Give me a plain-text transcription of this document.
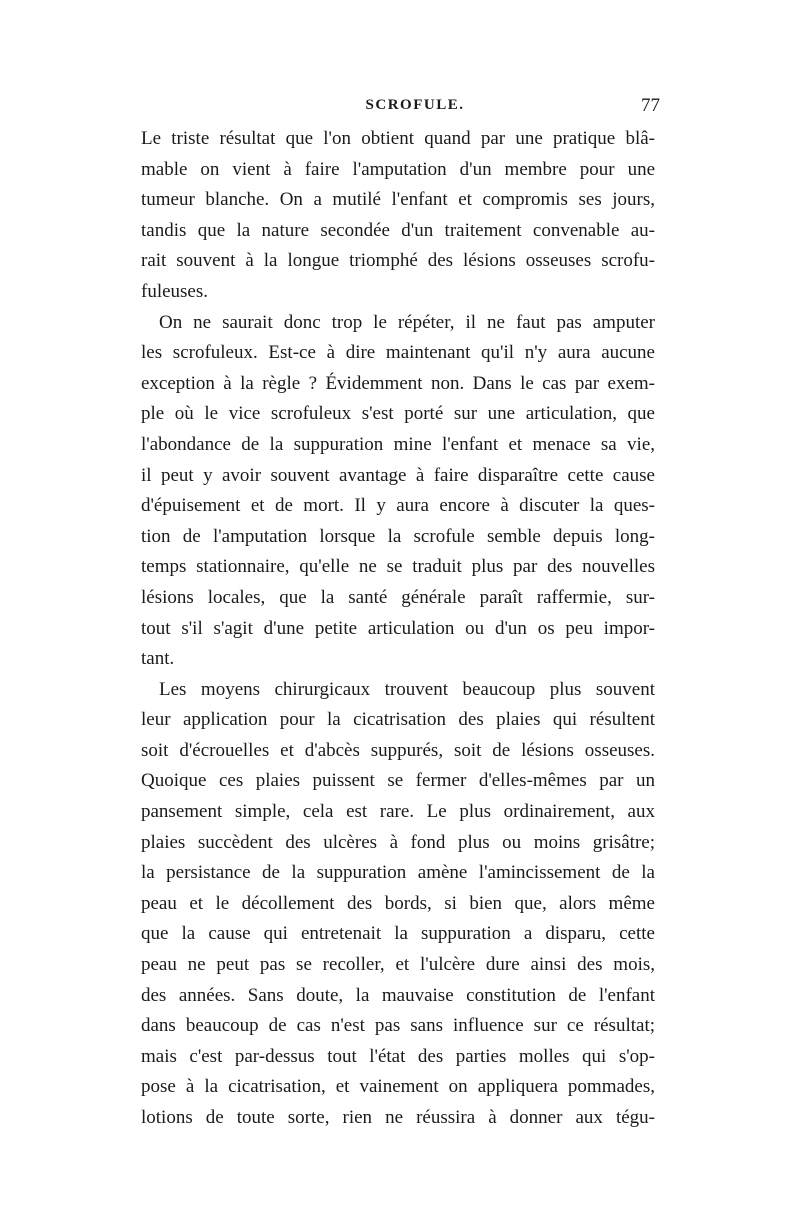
SCROFULE.	77
Le triste résultat que l'on obtient quand par une pratique blâ-
mable on vient à faire l'amputation d'un membre pour une
tumeur blanche. On a mutilé l'enfant et compromis ses jours,
tandis que la nature secondée d'un traitement convenable au-
rait souvent à la longue triomphé des lésions osseuses scrofu-
fuleuses.
On ne saurait donc trop le répéter, il ne faut pas amputer
les scrofuleux. Est-ce à dire maintenant qu'il n'y aura aucune
exception à la règle ? Évidemment non. Dans le cas par exem-
ple où le vice scrofuleux s'est porté sur une articulation, que
l'abondance de la suppuration mine l'enfant et menace sa vie,
il peut y avoir souvent avantage à faire disparaître cette cause
d'épuisement et de mort. Il y aura encore à discuter la ques-
tion de l'amputation lorsque la scrofule semble depuis long-
temps stationnaire, qu'elle ne se traduit plus par des nouvelles
lésions locales, que la santé générale paraît raffermie, sur-
tout s'il s'agit d'une petite articulation ou d'un os peu impor-
tant.
Les moyens chirurgicaux trouvent beaucoup plus souvent
leur application pour la cicatrisation des plaies qui résultent
soit d'écrouelles et d'abcès suppurés, soit de lésions osseuses.
Quoique ces plaies puissent se fermer d'elles-mêmes par un
pansement simple, cela est rare. Le plus ordinairement, aux
plaies succèdent des ulcères à fond plus ou moins grisâtre;
la persistance de la suppuration amène l'amincissement de la
peau et le décollement des bords, si bien que, alors même
que la cause qui entretenait la suppuration a disparu, cette
peau ne peut pas se recoller, et l'ulcère dure ainsi des mois,
des années. Sans doute, la mauvaise constitution de l'enfant
dans beaucoup de cas n'est pas sans influence sur ce résultat;
mais c'est par-dessus tout l'état des parties molles qui s'op-
pose à la cicatrisation, et vainement on appliquera pommades,
lotions de toute sorte, rien ne réussira à donner aux tégu-
